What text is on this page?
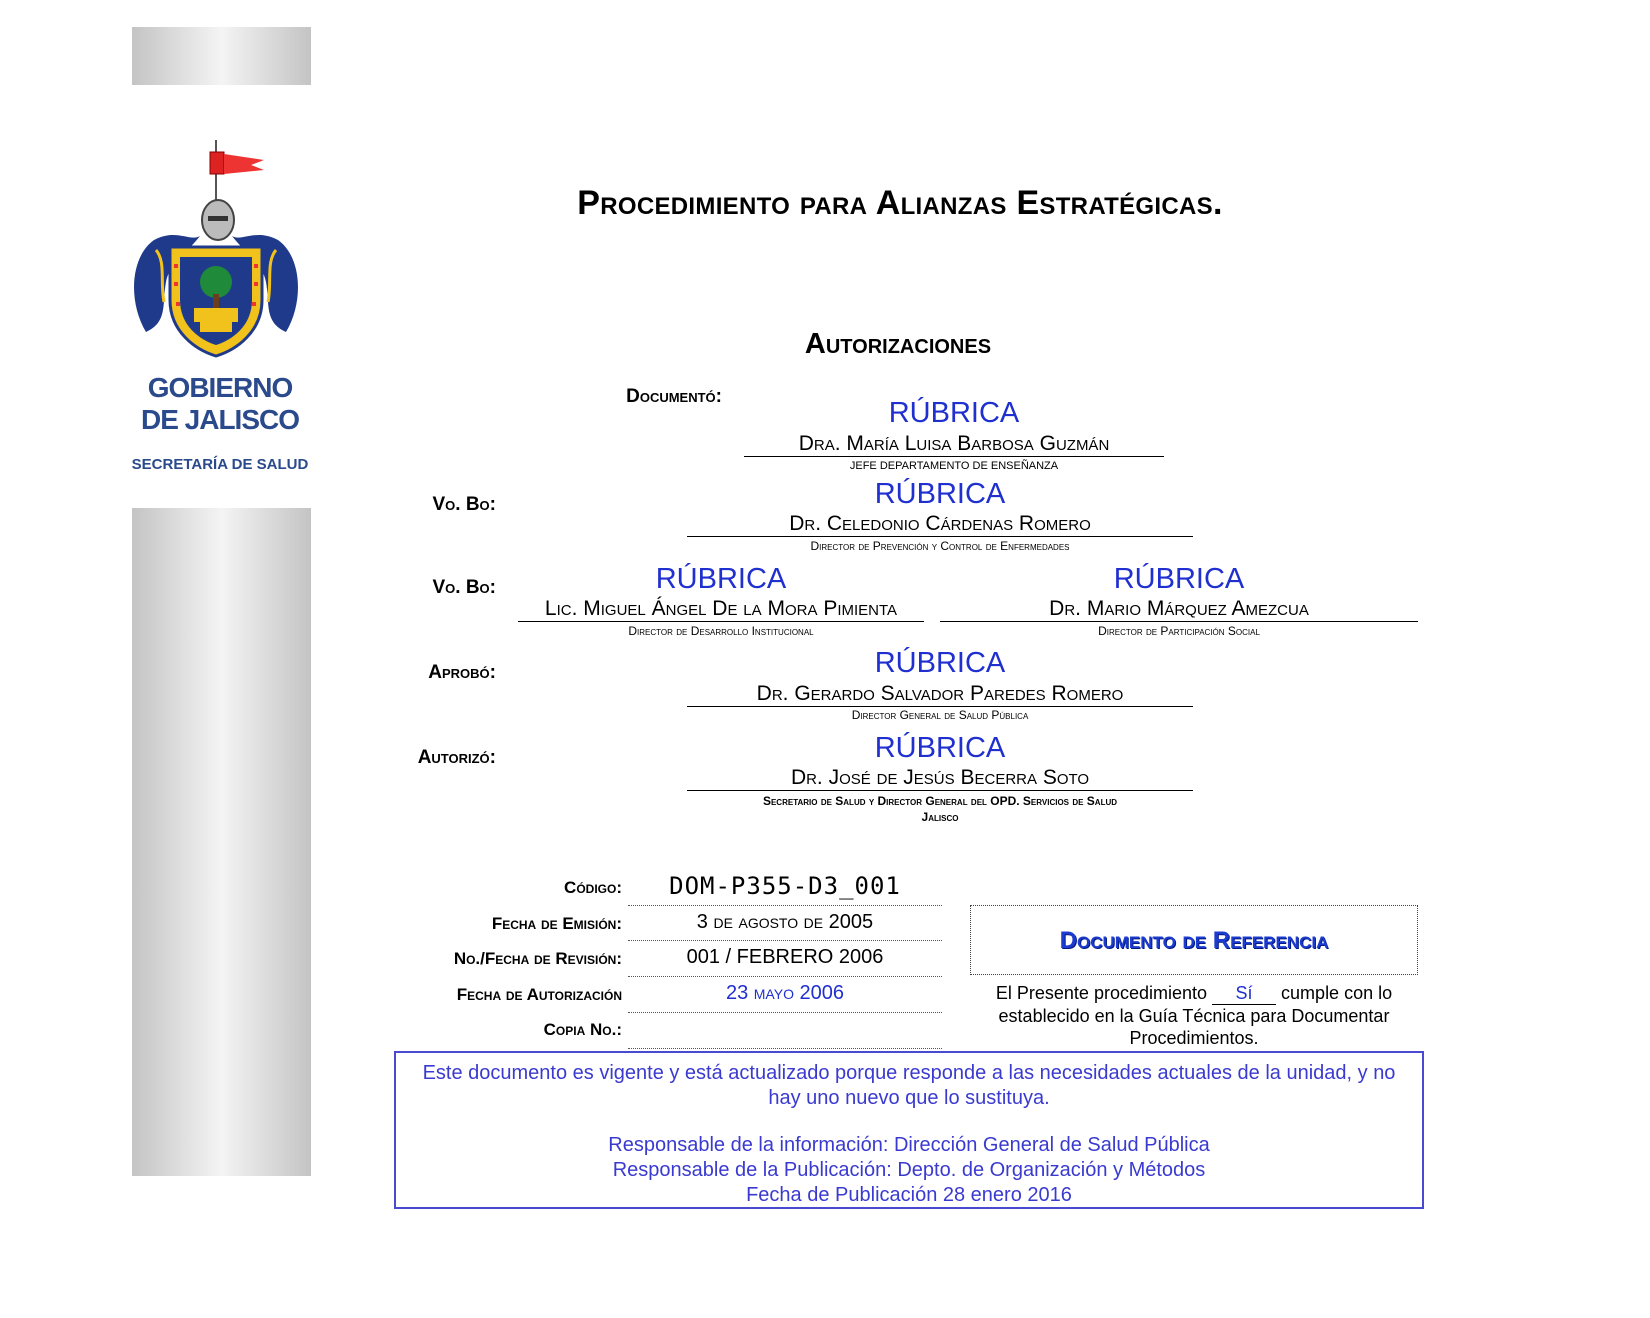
GOBIERNO
DE JALISCO
SECRETARÍA DE SALUD
Procedimiento para Alianzas Estratégicas.
Autorizaciones
Documentó:
RÚBRICA
Dra. María Luisa Barbosa Guzmán
JEFE DEPARTAMENTO DE ENSEÑANZA
Vo. Bo:	RÚBRICA
Dr. Celedonio Cárdenas Romero
Director de Prevención y Control de Enfermedades
Vo. Bo:	RÚBRICA
Lic. Miguel Ángel De la Mora Pimienta
Director de Desarrollo Institucional
RÚBRICA
Dr. Mario Márquez Amezcua
Director de Participación Social
Aprobó:	RÚBRICA
Dr. Gerardo Salvador Paredes Romero
Director General de Salud Pública
Autorizó:	RÚBRICA
Dr. José de Jesús Becerra Soto
Secretario de Salud y Director General del OPD. Servicios de Salud
Jalisco
Código:	DOM-P355-D3_001
Fecha de Emisión:	3 de agosto de 2005
No./Fecha de Revisión:	001 / FEBRERO 2006
Fecha de Autorización	23 mayo 2006
Copia No.:
Documento de Referencia
El Presente procedimiento Sí cumple con lo
establecido en la Guía Técnica para Documentar
Procedimientos.
Este documento es vigente y está actualizado porque responde a las necesidades actuales de la unidad, y no
hay uno nuevo que lo sustituya.
Responsable de la información: Dirección General de Salud Pública
Responsable de la Publicación: Depto. de Organización y Métodos
Fecha de Publicación 28 enero 2016
